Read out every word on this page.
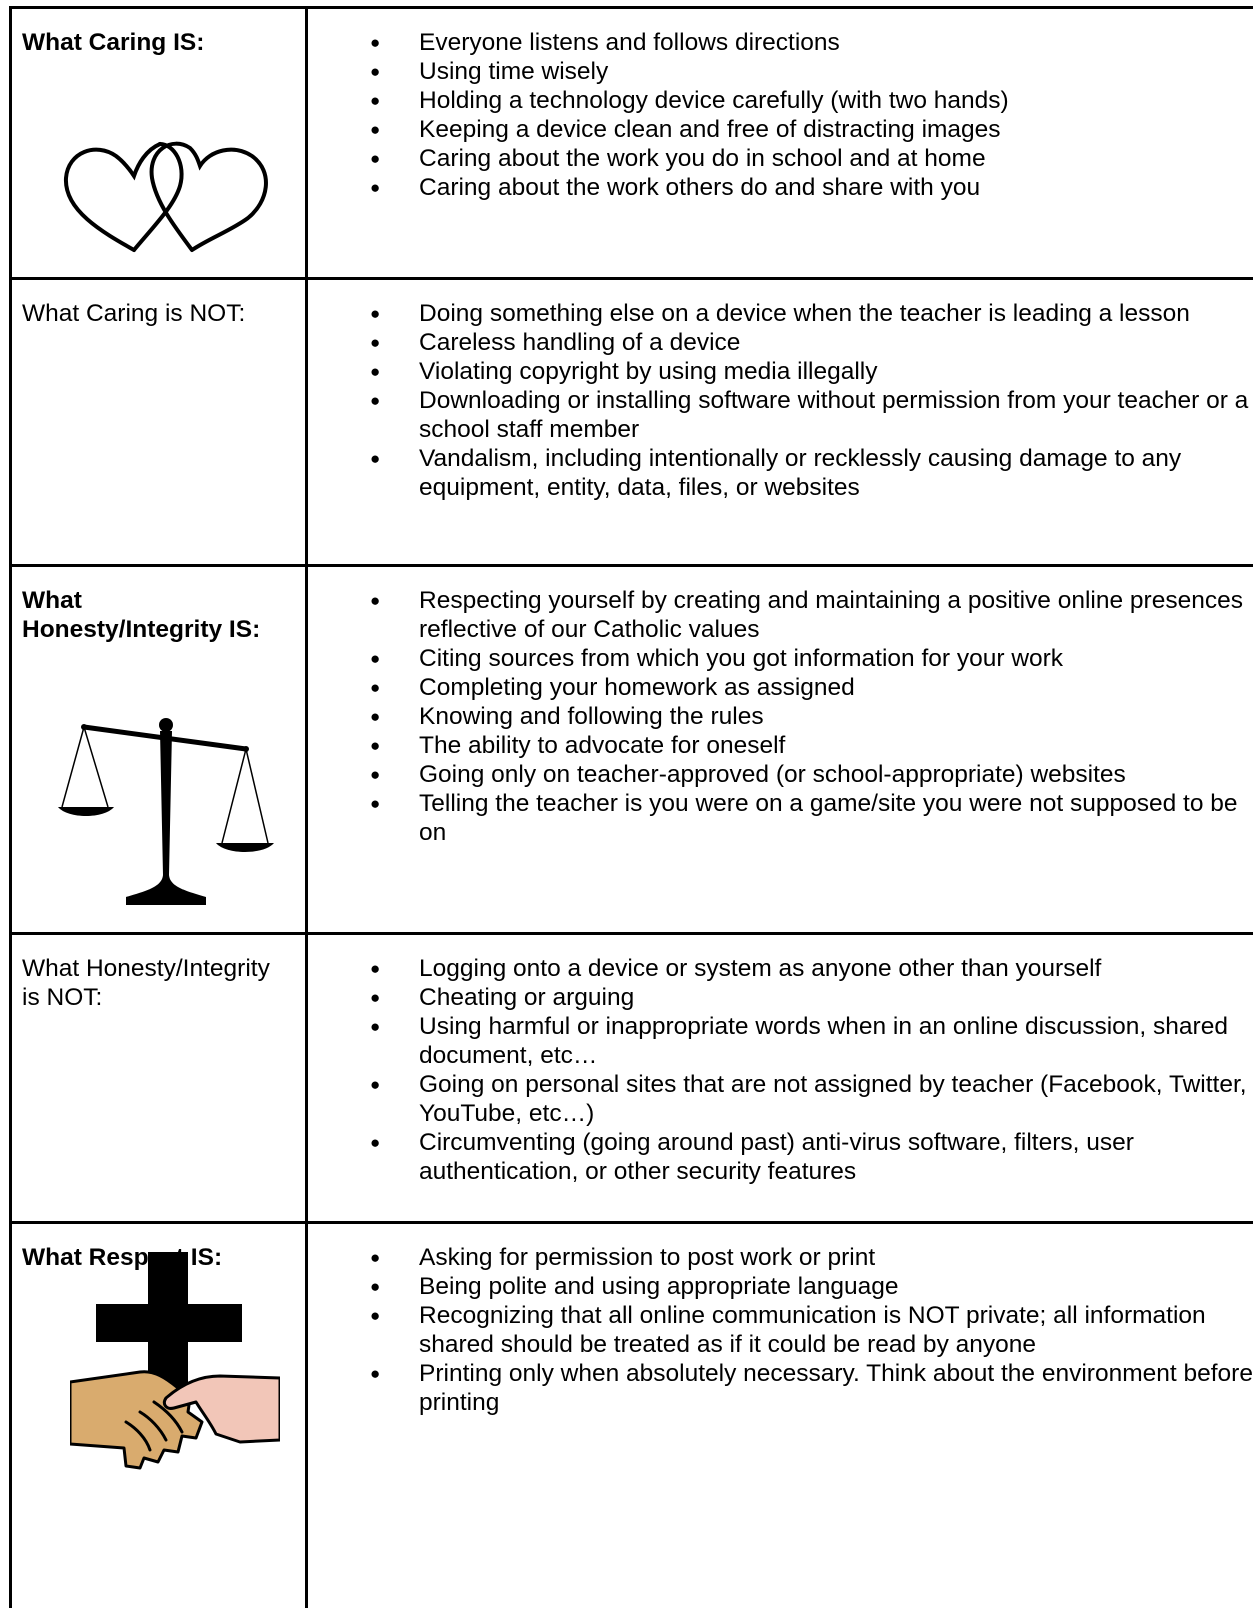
What Caring IS:	● Everyone listens and follows directions
● Using time wisely
● Holding a technology device carefully (with two hands)
● Keeping a device clean and free of distracting images
● Caring about the work you do in school and at home
● Caring about the work others do and share with you
What Caring is NOT:	● Doing something else on a device when the teacher is leading a lesson
● Careless handling of a device
● Violating copyright by using media illegally
● Downloading or installing software without permission from your teacher or a school staff member
● Vandalism, including intentionally or recklessly causing damage to any equipment, entity, data, files, or websites
What Honesty/Integrity IS:
● Respecting yourself by creating and maintaining a positive online presences reflective of our Catholic values
● Citing sources from which you got information for your work
● Completing your homework as assigned
● Knowing and following the rules
● The ability to advocate for oneself
● Going only on teacher-approved (or school-appropriate) websites
● Telling the teacher is you were on a game/site you were not supposed to be on
What Honesty/Integrity is NOT:
● Logging onto a device or system as anyone other than yourself
● Cheating or arguing
● Using harmful or inappropriate words when in an online discussion, shared document, etc…
● Going on personal sites that are not assigned by teacher (Facebook, Twitter, YouTube, etc…)
● Circumventing (going around past) anti-virus software, filters, user authentication, or other security features
What Respect IS:	● Asking for permission to post work or print
● Being polite and using appropriate language
● Recognizing that all online communication is NOT private; all information shared should be treated as if it could be read by anyone
● Printing only when absolutely necessary. Think about the environment before printing
